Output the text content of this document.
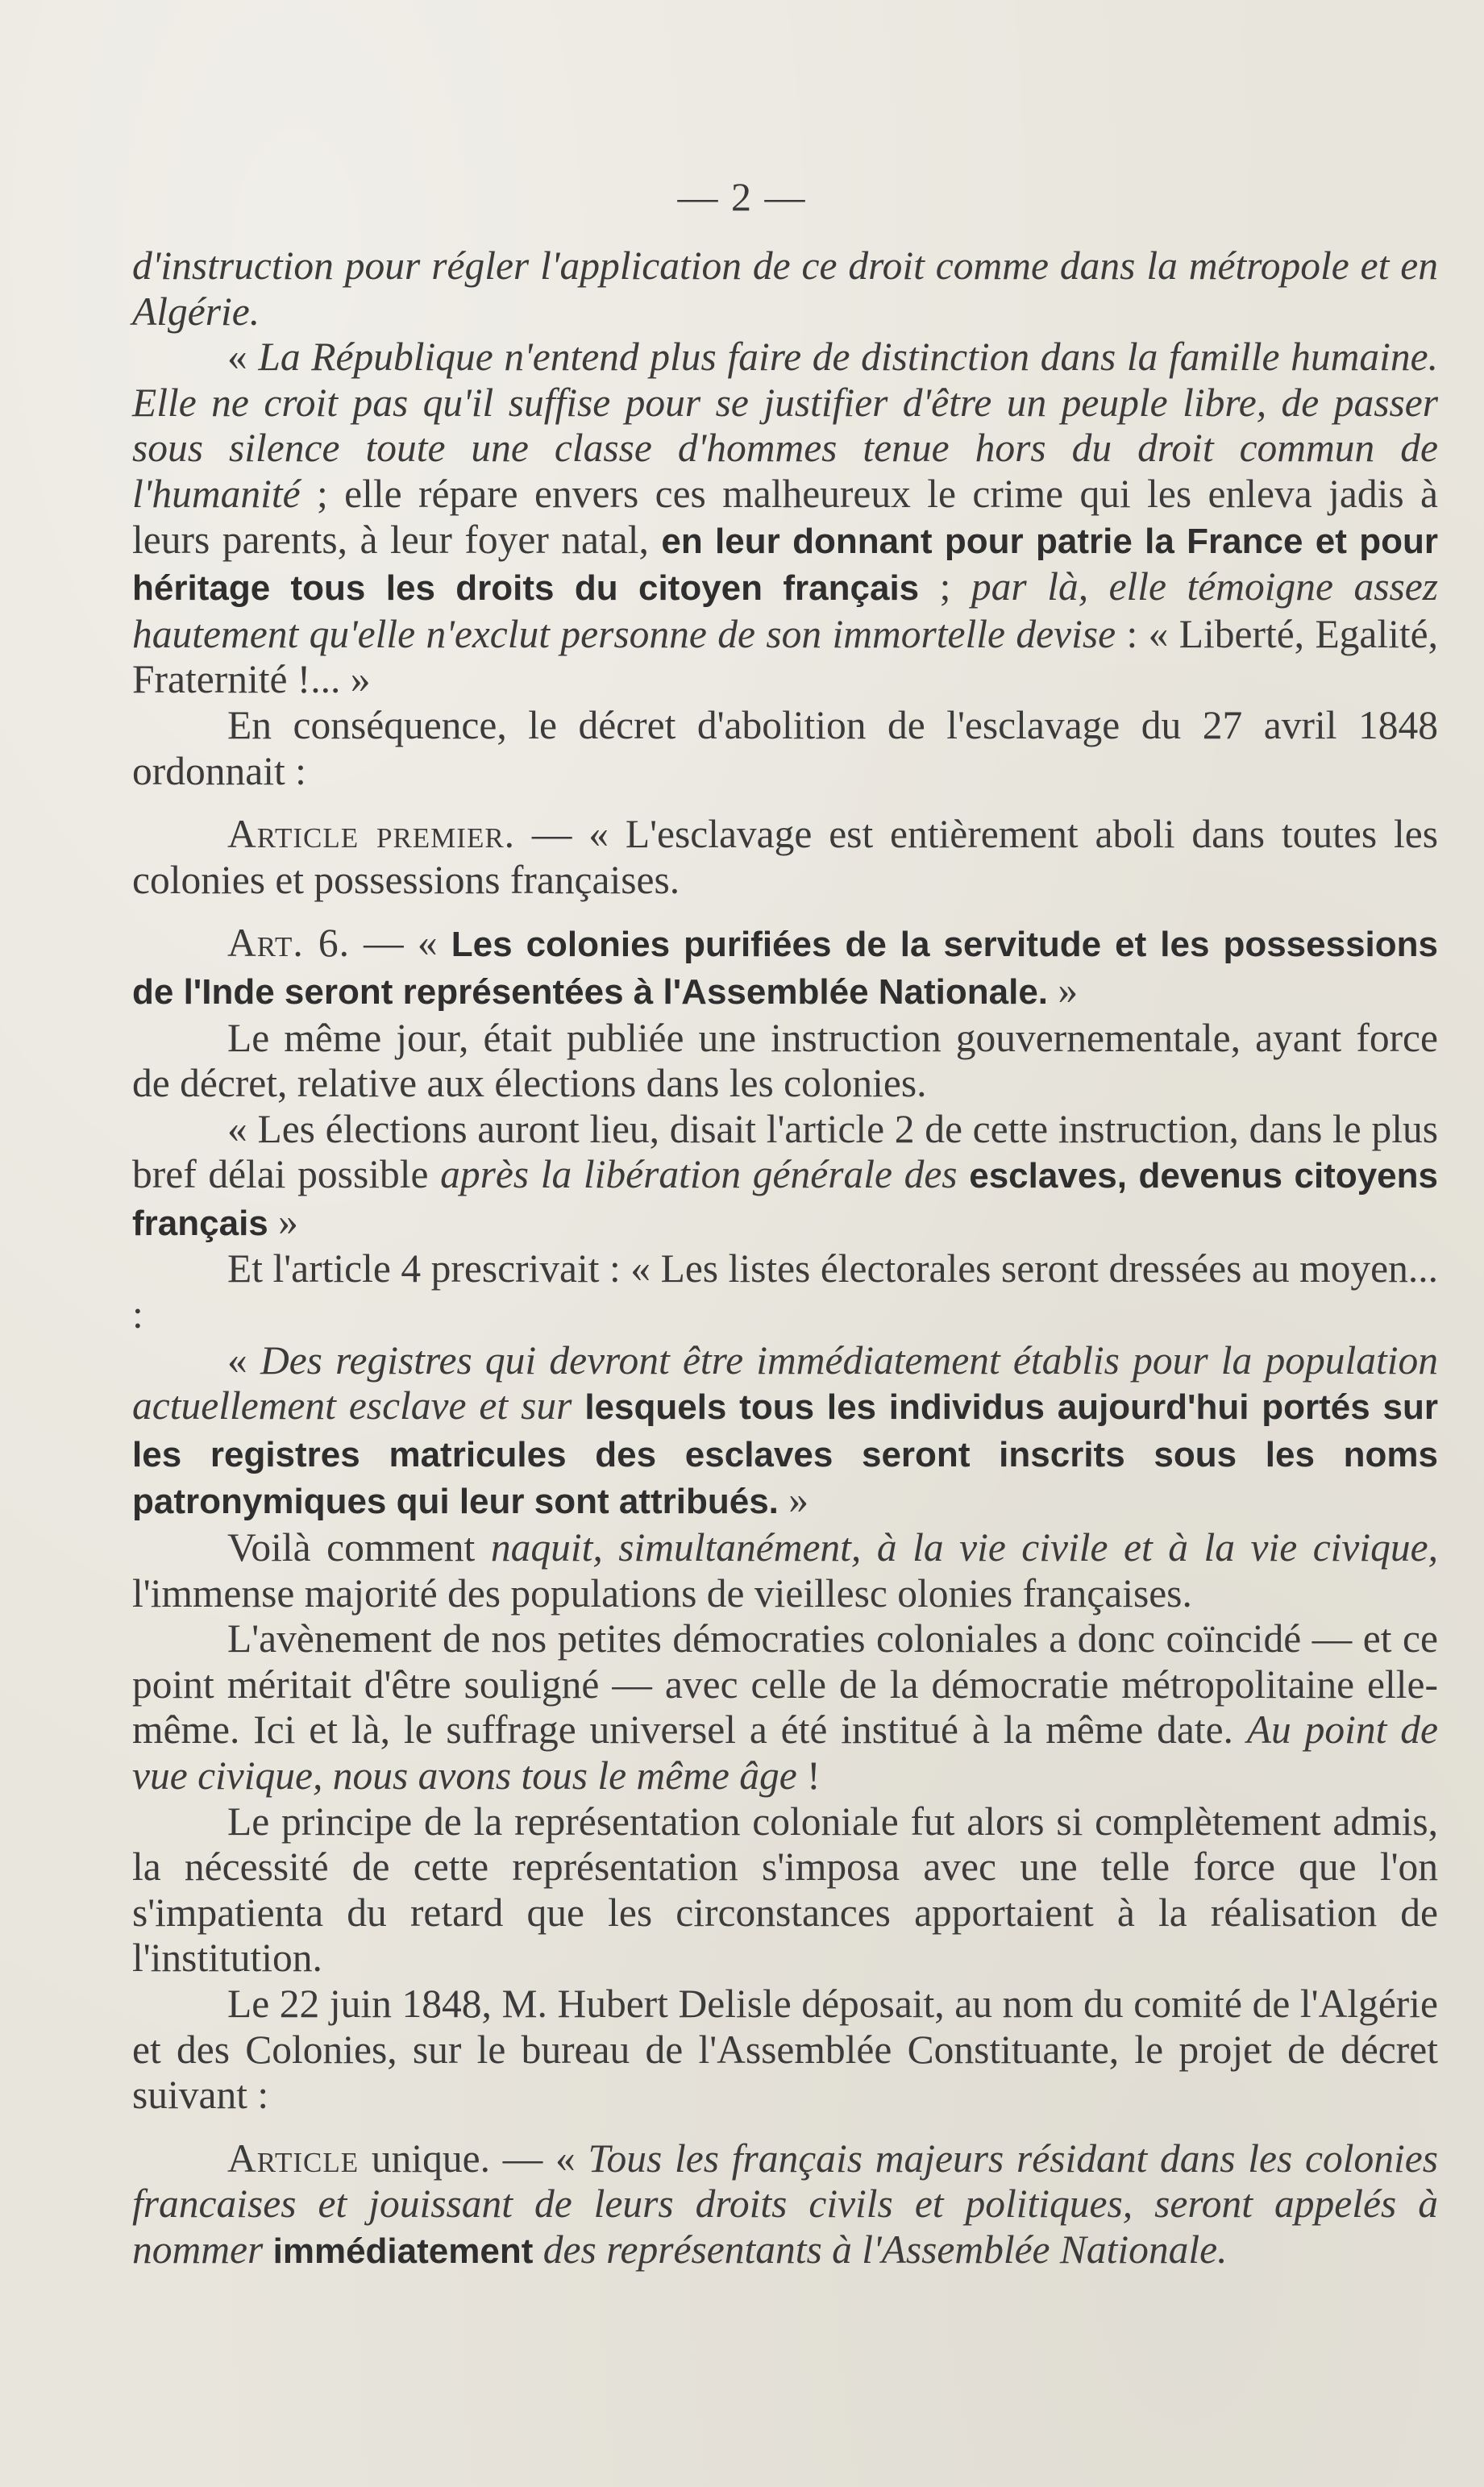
— 2 —

d'instruction pour régler l'application de ce droit comme dans la métropole et en Algérie.

« La République n'entend plus faire de distinction dans la famille humaine. Elle ne croit pas qu'il suffise pour se justifier d'être un peuple libre, de passer sous silence toute une classe d'hommes tenue hors du droit commun de l'humanité ; elle répare envers ces malheureux le crime qui les enleva jadis à leurs parents, à leur foyer natal, en leur donnant pour patrie la France et pour héritage tous les droits du citoyen français ; par là, elle témoigne assez hautement qu'elle n'exclut personne de son immortelle devise : « Liberté, Egalité, Fraternité !... »

En conséquence, le décret d'abolition de l'esclavage du 27 avril 1848 ordonnait :

Article premier. — « L'esclavage est entièrement aboli dans toutes les colonies et possessions françaises.

Art. 6. — « Les colonies purifiées de la servitude et les possessions de l'Inde seront représentées à l'Assemblée Nationale. »

Le même jour, était publiée une instruction gouvernementale, ayant force de décret, relative aux élections dans les colonies.

« Les élections auront lieu, disait l'article 2 de cette instruction, dans le plus bref délai possible après la libération générale des esclaves, devenus citoyens français »

Et l'article 4 prescrivait : « Les listes électorales seront dressées au moyen... :

« Des registres qui devront être immédiatement établis pour la population actuellement esclave et sur lesquels tous les individus aujourd'hui portés sur les registres matricules des esclaves seront inscrits sous les noms patronymiques qui leur sont attribués. »

Voilà comment naquit, simultanément, à la vie civile et à la vie civique, l'immense majorité des populations de vieillesc olonies françaises.

L'avènement de nos petites démocraties coloniales a donc coïncidé — et ce point méritait d'être souligné — avec celle de la démocratie métropolitaine elle-même. Ici et là, le suffrage universel a été institué à la même date. Au point de vue civique, nous avons tous le même âge !

Le principe de la représentation coloniale fut alors si complètement admis, la nécessité de cette représentation s'imposa avec une telle force que l'on s'impatienta du retard que les circonstances apportaient à la réalisation de l'institution.

Le 22 juin 1848, M. Hubert Delisle déposait, au nom du comité de l'Algérie et des Colonies, sur le bureau de l'Assemblée Constituante, le projet de décret suivant :

Article unique. — « Tous les français majeurs résidant dans les colonies francaises et jouissant de leurs droits civils et politiques, seront appelés à nommer immédiatement des représentants à l'Assemblée Nationale.
